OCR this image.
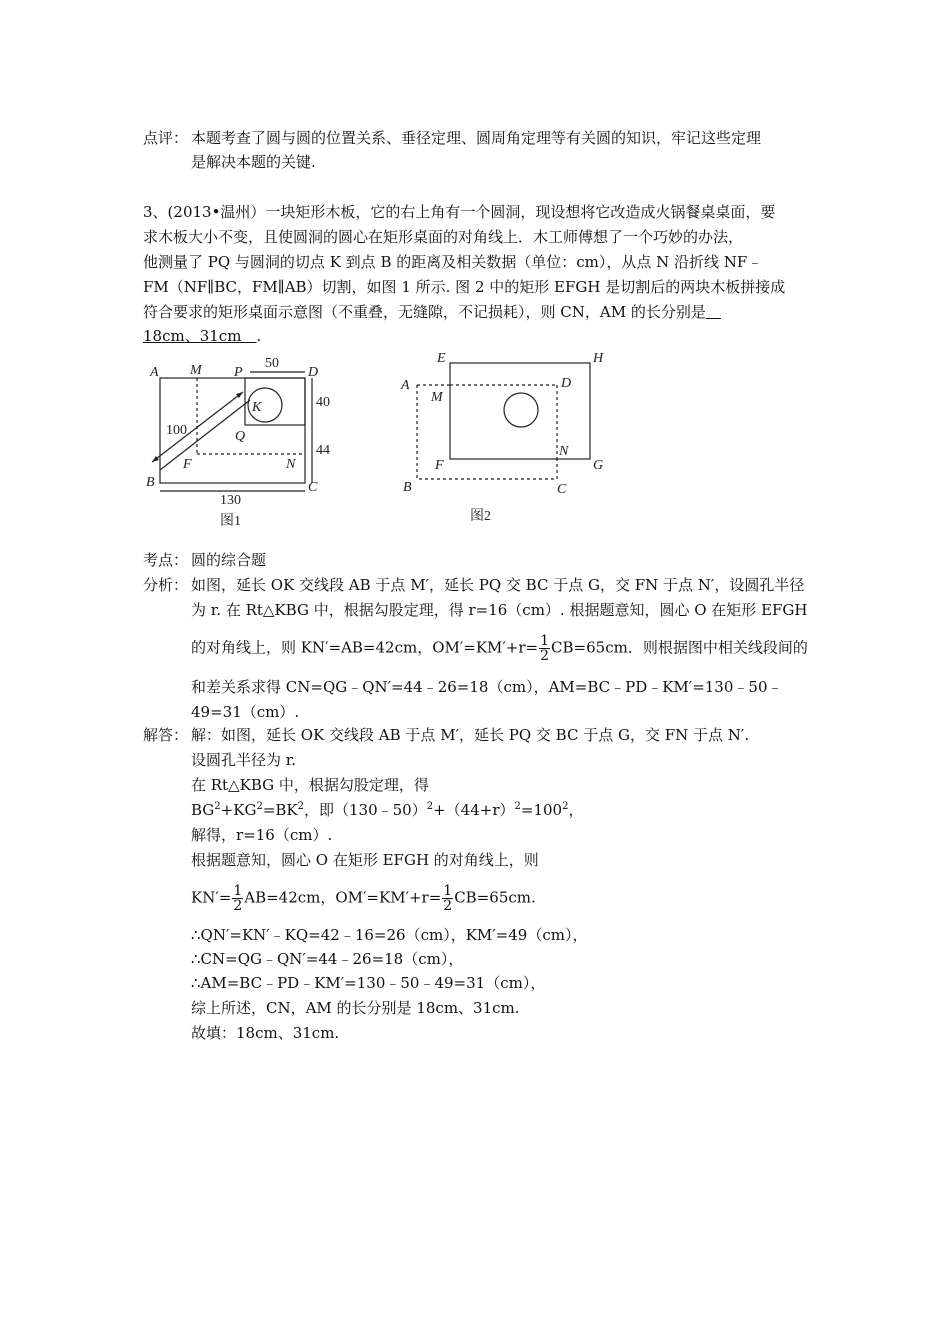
点评： 本题考查了圆与圆的位置关系、垂径定理、圆周角定理等有关圆的知识，牢记这些定理
是解决本题的关键.
3、(2013•温州）一块矩形木板，它的右上角有一个圆洞，现设想将它改造成火锅餐桌桌面，要
求木板大小不变，且使圆洞的圆心在矩形桌面的对角线上．木工师傅想了一个巧妙的办法，
他测量了 PQ 与圆洞的切点 K 到点 B 的距离及相关数据（单位：cm），从点 N 沿折线 NF﹣
FM（NF∥BC，FM∥AB）切割，如图 1 所示. 图 2 中的矩形 EFGH 是切割后的两块木板拼接成
符合要求的矩形桌面示意图（不重叠，无缝隙，不记损耗），则 CN，AM 的长分别是　
18cm、31cm　 .
A M P	D
K
Q
B	C
F	N
50
40
44
100
130
图1
E	H
A
M
D
F
N
G
B	C
图2
考点： 圆的综合题
分析： 如图，延长 OK 交线段 AB 于点 M′，延长 PQ 交 BC 于点 G，交 FN 于点 N′，设圆孔半径
为 r. 在 Rt△KBG 中，根据勾股定理，得 r=16（cm）. 根据题意知，圆心 O 在矩形 EFGH
的对角线上，则 KN′=AB=42cm，$OM'=KM'+r= \frac{1}{2} CB=65cm$．则根据图中相关线段间的
和差关系求得 CN=QG﹣QN′=44﹣26=18（cm），AM=BC﹣PD﹣KM′=130﹣50﹣
49=31（cm）.
解答： 解：如图，延长 OK 交线段 AB 于点 M′，延长 PQ 交 BC 于点 G，交 FN 于点 N′.
设圆孔半径为 r.
在 Rt△KBG 中，根据勾股定理，得
$BG^2+KG^2=BK^2$，即$(130﹣50)^2+(44+r)^2=100^2$，
解得，r=16（cm）.
根据题意知，圆心 O 在矩形 EFGH 的对角线上，则
$KN'= \frac{1}{2} AB=42cm$，$OM'=KM'+r= \frac{1}{2} CB=65cm$.
∴QN′=KN′﹣KQ=42﹣16=26（cm），KM′=49（cm），
∴CN=QG﹣QN′=44﹣26=18（cm），
∴AM=BC﹣PD﹣KM′=130﹣50﹣49=31（cm），
综上所述，CN，AM 的长分别是 18cm、31cm.
故填：18cm、31cm.
